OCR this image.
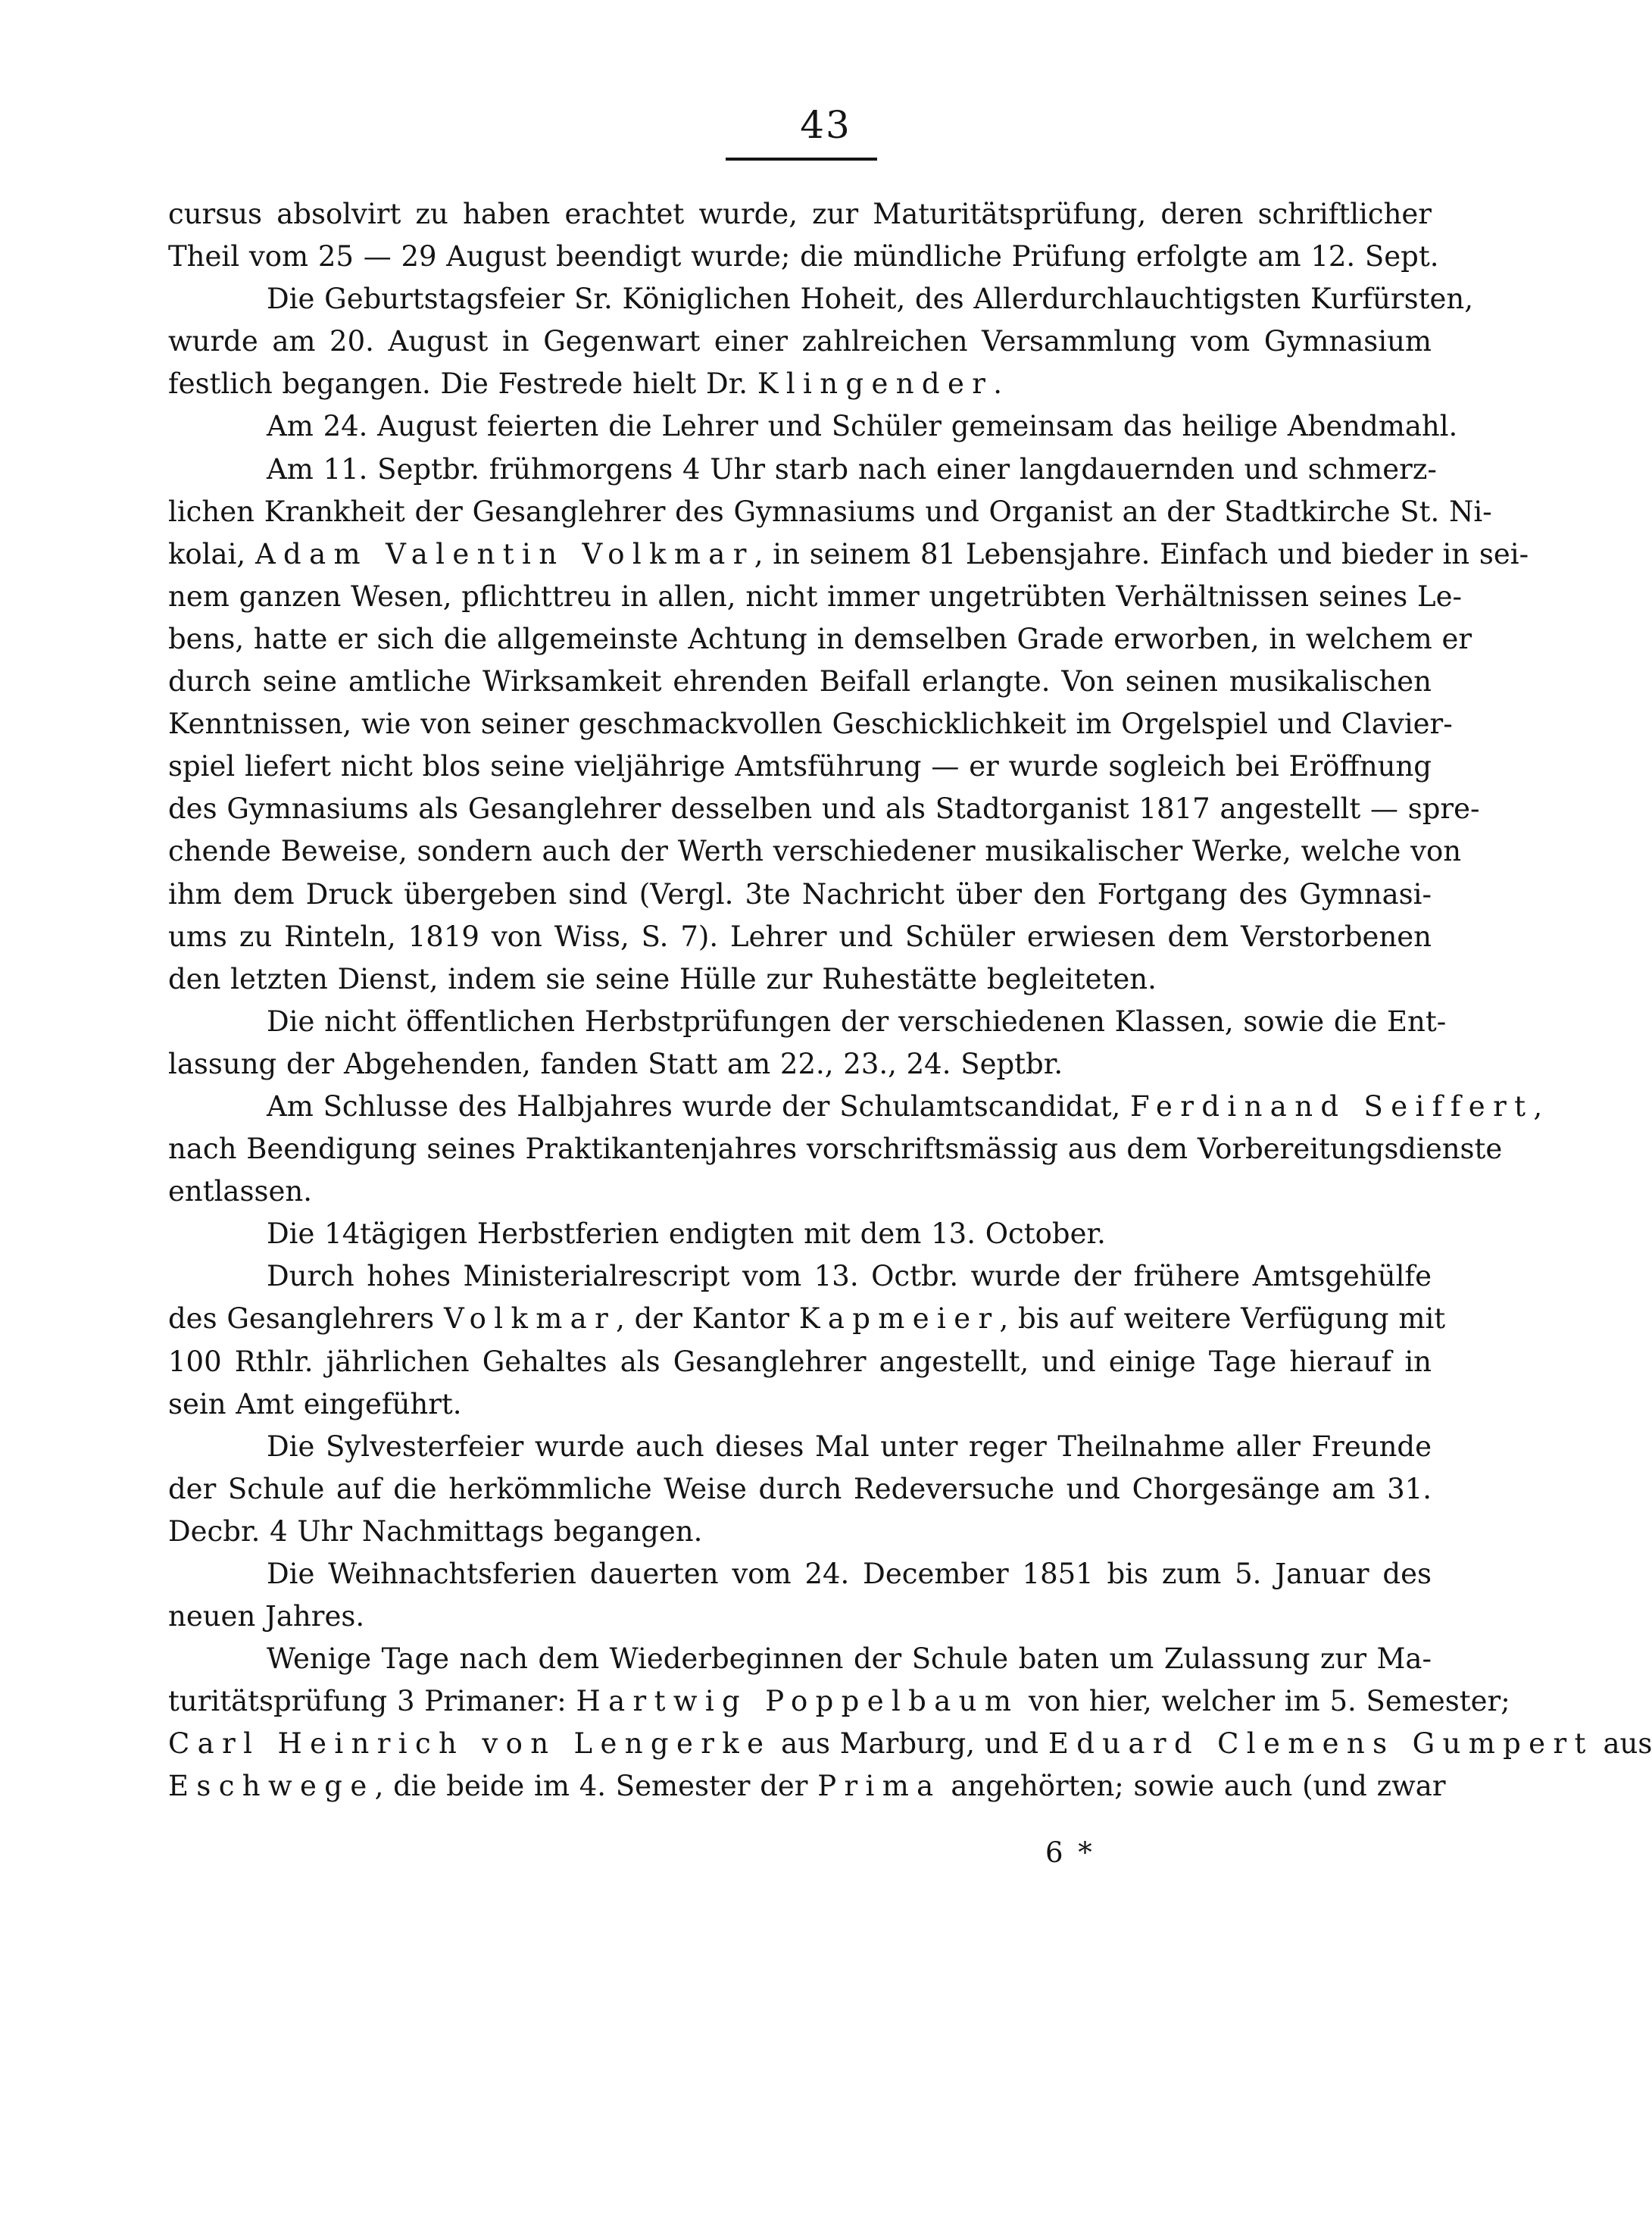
43
cursus absolvirt zu haben erachtet wurde, zur Maturitätsprüfung, deren schriftlicher
Theil vom 25 — 29 August beendigt wurde; die mündliche Prüfung erfolgte am 12. Sept.
Die Geburtstagsfeier Sr. Königlichen Hoheit, des Allerdurchlauchtigsten Kurfürsten,
wurde am 20. August in Gegenwart einer zahlreichen Versammlung vom Gymnasium
festlich begangen. Die Festrede hielt Dr. Klingender.
Am 24. August feierten die Lehrer und Schüler gemeinsam das heilige Abendmahl.
Am 11. Septbr. frühmorgens 4 Uhr starb nach einer langdauernden und schmerz-
lichen Krankheit der Gesanglehrer des Gymnasiums und Organist an der Stadtkirche St. Ni-
kolai, Adam Valentin Volkmar, in seinem 81 Lebensjahre. Einfach und bieder in sei-
nem ganzen Wesen, pflichttreu in allen, nicht immer ungetrübten Verhältnissen seines Le-
bens, hatte er sich die allgemeinste Achtung in demselben Grade erworben, in welchem er
durch seine amtliche Wirksamkeit ehrenden Beifall erlangte. Von seinen musikalischen
Kenntnissen, wie von seiner geschmackvollen Geschicklichkeit im Orgelspiel und Clavier-
spiel liefert nicht blos seine vieljährige Amtsführung — er wurde sogleich bei Eröffnung
des Gymnasiums als Gesanglehrer desselben und als Stadtorganist 1817 angestellt — spre-
chende Beweise, sondern auch der Werth verschiedener musikalischer Werke, welche von
ihm dem Druck übergeben sind (Vergl. 3te Nachricht über den Fortgang des Gymnasi-
ums zu Rinteln, 1819 von Wiss, S. 7). Lehrer und Schüler erwiesen dem Verstorbenen
den letzten Dienst, indem sie seine Hülle zur Ruhestätte begleiteten.
Die nicht öffentlichen Herbstprüfungen der verschiedenen Klassen, sowie die Ent-
lassung der Abgehenden, fanden Statt am 22., 23., 24. Septbr.
Am Schlusse des Halbjahres wurde der Schulamtscandidat, Ferdinand Seiffert,
nach Beendigung seines Praktikantenjahres vorschriftsmässig aus dem Vorbereitungsdienste
entlassen.
Die 14tägigen Herbstferien endigten mit dem 13. October.
Durch hohes Ministerialrescript vom 13. Octbr. wurde der frühere Amtsgehülfe
des Gesanglehrers Volkmar, der Kantor Kapmeier, bis auf weitere Verfügung mit
100 Rthlr. jährlichen Gehaltes als Gesanglehrer angestellt, und einige Tage hierauf in
sein Amt eingeführt.
Die Sylvesterfeier wurde auch dieses Mal unter reger Theilnahme aller Freunde
der Schule auf die herkömmliche Weise durch Redeversuche und Chorgesänge am 31.
Decbr. 4 Uhr Nachmittags begangen.
Die Weihnachtsferien dauerten vom 24. December 1851 bis zum 5. Januar des
neuen Jahres.
Wenige Tage nach dem Wiederbeginnen der Schule baten um Zulassung zur Ma-
turitätsprüfung 3 Primaner: Hartwig Poppelbaum von hier, welcher im 5. Semester;
Carl Heinrich von Lengerke aus Marburg, und Eduard Clemens Gumpert aus
Eschwege, die beide im 4. Semester der Prima angehörten; sowie auch (und zwar
6 *
